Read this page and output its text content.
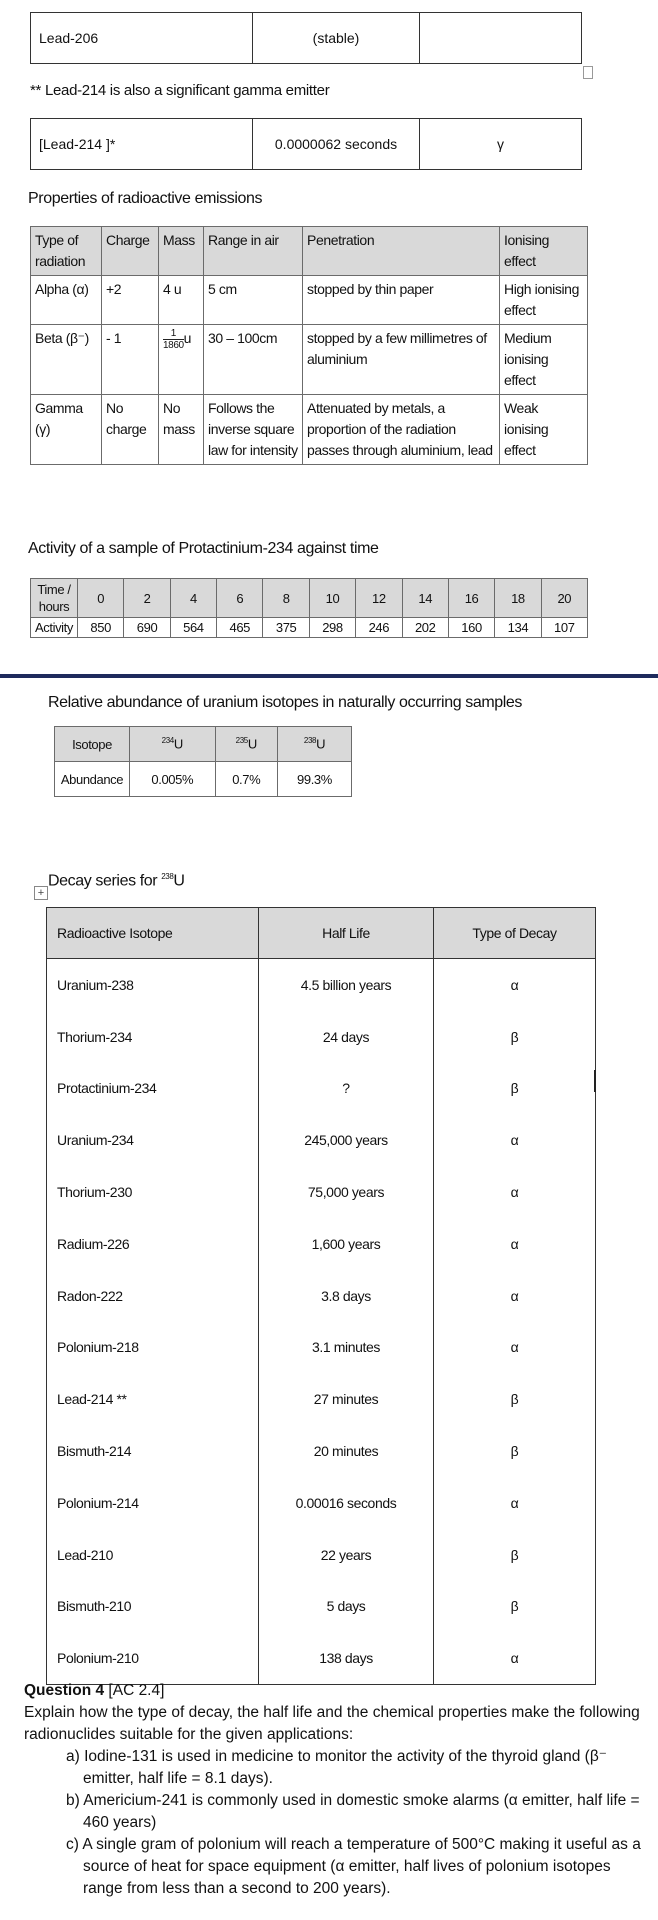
Lead-206	(stable)	
** Lead-214 is also a significant gamma emitter
[Lead-214 ]*	0.0000062 seconds	γ
Properties of radioactive emissions
Type of radiation	Charge	Mass	Range in air	Penetration	Ionising effect
Alpha (α)	+2	4 u	5 cm	stopped by thin paper	High ionising effect
Beta (β⁻)	- 1	$\frac{1}{1860}$ u	30 – 100cm	stopped by a few millimetres of aluminium	Medium ionising effect
Gamma (γ)	No charge	No mass	Follows the inverse square law for intensity	Attenuated by metals, a proportion of the radiation passes through aluminium, lead	Weak ionising effect
Activity of a sample of Protactinium-234 against time
Time / hours	0	2	4	6	8	10	12	14	16	18	20
Activity	850	690	564	465	375	298	246	202	160	134	107
Relative abundance of uranium isotopes in naturally occurring samples
Isotope	$^{234}$U	$^{235}$U	$^{238}$U
Abundance	0.005%	0.7%	99.3%
+
Decay series for $^{238}$U
Radioactive Isotope	Half Life	Type of Decay
Uranium-238	4.5 billion years	α
Thorium-234	24 days	β
Protactinium-234	?	β
Uranium-234	245,000 years	α
Thorium-230	75,000 years	α
Radium-226	1,600 years	α
Radon-222	3.8 days	α
Polonium-218	3.1 minutes	α
Lead-214 **	27 minutes	β
Bismuth-214	20 minutes	β
Polonium-214	0.00016 seconds	α
Lead-210	22 years	β
Bismuth-210	5 days	β
Polonium-210	138 days	α
Question 4 [AC 2.4]
Explain how the type of decay, the half life and the chemical properties make the following radionuclides suitable for the given applications:
a) Iodine-131 is used in medicine to monitor the activity of the thyroid gland (β⁻ emitter, half life = 8.1 days).
b) Americium-241 is commonly used in domestic smoke alarms (α emitter, half life = 460 years)
c) A single gram of polonium will reach a temperature of 500°C making it useful as a source of heat for space equipment (α emitter, half lives of polonium isotopes range from less than a second to 200 years).
